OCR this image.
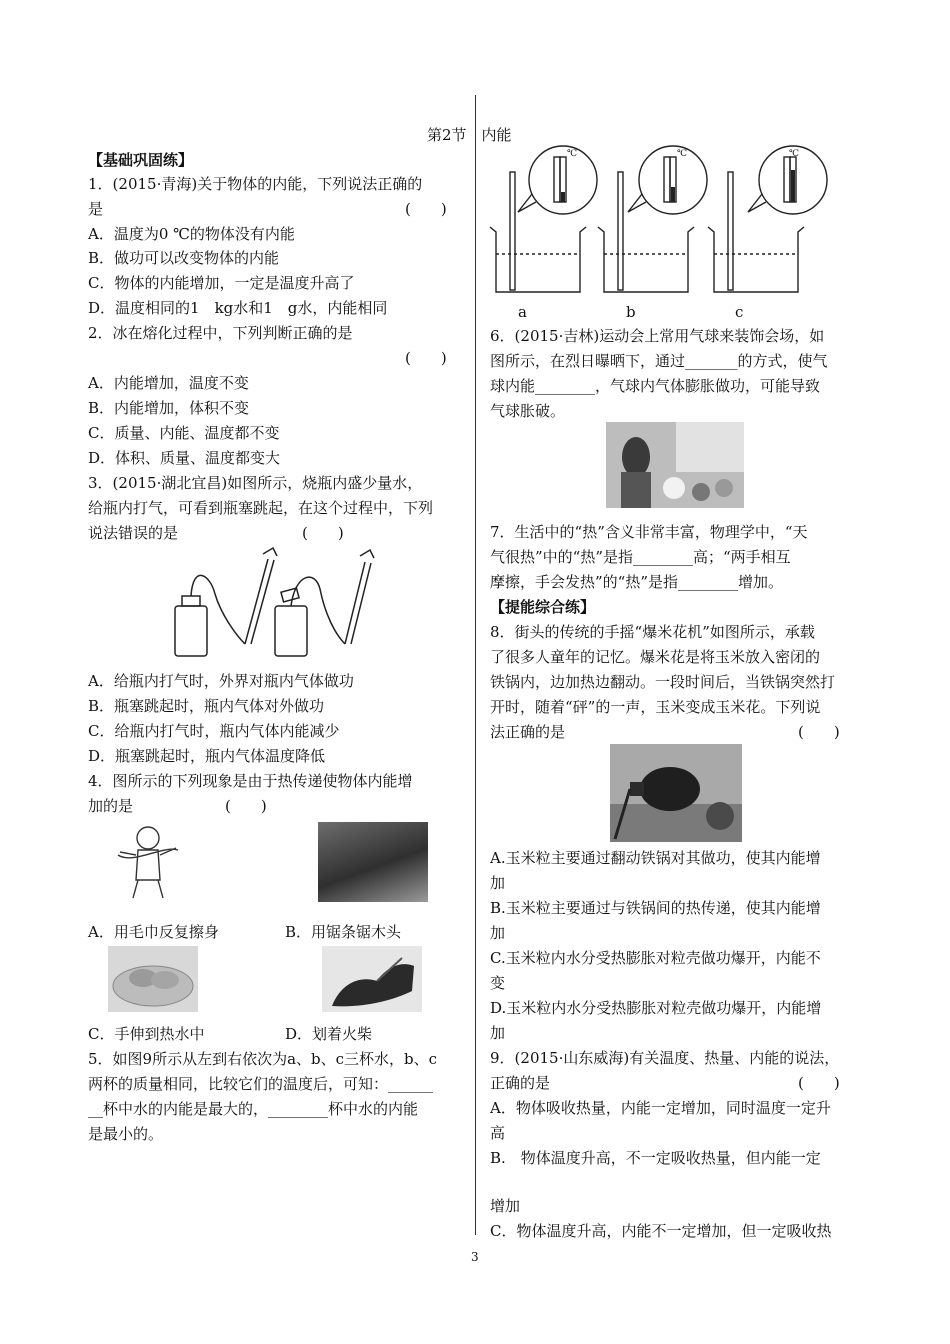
第2节　内能
【基础巩固练】
1．(2015·青海)关于物体的内能，下列说法正确的
是	(　　)
A．温度为0 ℃的物体没有内能
B．做功可以改变物体的内能
C．物体的内能增加，一定是温度升高了
D．温度相同的1　kg水和1　g水，内能相同
2．冰在熔化过程中，下列判断正确的是
(　　)
A．内能增加，温度不变
B．内能增加，体积不变
C．质量、内能、温度都不变
D．体积、质量、温度都变大
3．(2015·湖北宜昌)如图所示，烧瓶内盛少量水，
给瓶内打气，可看到瓶塞跳起，在这个过程中，下列
说法错误的是	(　　)
A．给瓶内打气时，外界对瓶内气体做功
B．瓶塞跳起时，瓶内气体对外做功
C．给瓶内打气时，瓶内气体内能减少
D．瓶塞跳起时，瓶内气体温度降低
4．图所示的下列现象是由于热传递使物体内能增
加的是	(　　)
A．用毛巾反复擦身	B．用锯条锯木头
C．手伸到热水中	D．划着火柴
5．如图9所示从左到右依次为a、b、c三杯水，b、c
两杯的质量相同，比较它们的温度后，可知：______
__杯中水的内能是最大的，________杯中水的内能
是最小的。
℃	℃	℃
a	b	c
6．(2015·吉林)运动会上常用气球来装饰会场，如
图所示，在烈日曝晒下，通过_______的方式，使气
球内能________，气球内气体膨胀做功，可能导致
气球胀破。
7．生活中的“热”含义非常丰富，物理学中，“天
气很热”中的“热”是指________高；“两手相互
摩擦，手会发热”的“热”是指________增加。
【提能综合练】
8．街头的传统的手摇“爆米花机”如图所示，承载
了很多人童年的记忆。爆米花是将玉米放入密闭的
铁锅内，边加热边翻动。一段时间后，当铁锅突然打
开时，随着“砰”的一声，玉米变成玉米花。下列说
法正确的是	(　　)
A.玉米粒主要通过翻动铁锅对其做功，使其内能增
加
B.玉米粒主要通过与铁锅间的热传递，使其内能增
加
C.玉米粒内水分受热膨胀对粒壳做功爆开，内能不
变
D.玉米粒内水分受热膨胀对粒壳做功爆开，内能增
加
9．(2015·山东威海)有关温度、热量、内能的说法，
正确的是	(　　)
A．物体吸收热量，内能一定增加，同时温度一定升
高
B.　物体温度升高，不一定吸收热量，但内能一定
增加
C．物体温度升高，内能不一定增加，但一定吸收热
3
